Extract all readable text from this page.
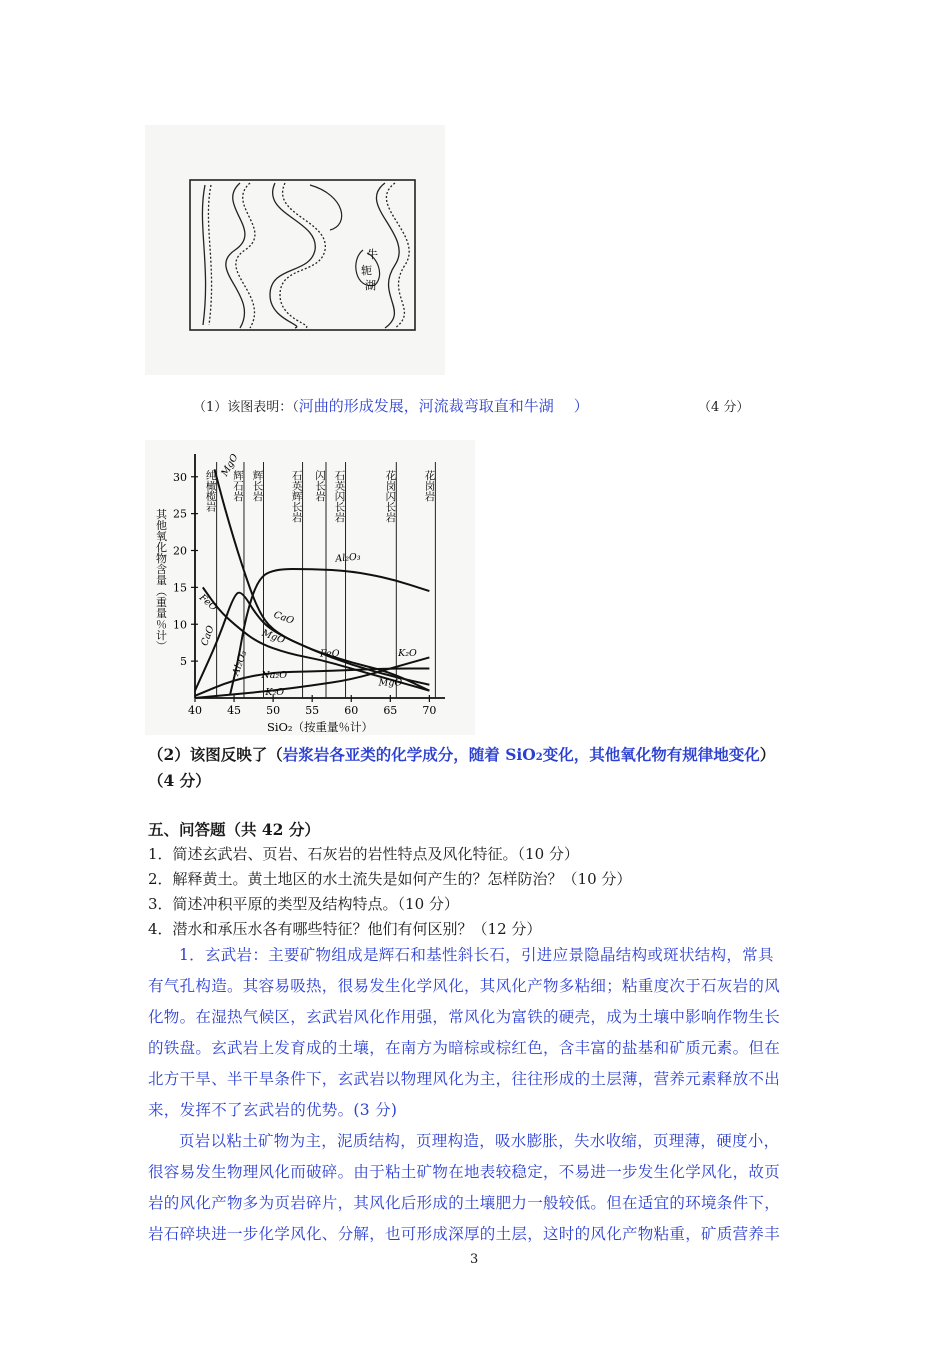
牛
轭
湖
（1）该图表明：（河曲的形成发展，河流裁弯取直和牛湖 ）	（4 分）
5
10
15
20
25
30
40 45 50 55 60 65 70
SiO₂（按重量％计）
其他氧化物含量（重量％计）
纯橄榄岩 辉石岩 辉长岩	石英辉长岩 闪长岩 石英闪长岩	花岗闪长岩	花岗岩
MgO
Al₂O₃
FeO
CaO	MgO
Al₂O₃	FeO	K₂O
Na₂O
CaO
K₂O
MgO
（2）该图反映了（岩浆岩各亚类的化学成分，随着 SiO2变化，其他氧化物有规律地变化）
（4 分）
五、问答题（共 42 分）
1．简述玄武岩、页岩、石灰岩的岩性特点及风化特征。（10 分）
2．解释黄土。黄土地区的水土流失是如何产生的？怎样防治？（10 分）
3．简述冲积平原的类型及结构特点。（10 分）
4．潜水和承压水各有哪些特征？他们有何区别？（12 分）
1．玄武岩：主要矿物组成是辉石和基性斜长石，引进应景隐晶结构或斑状结构，常具
有气孔构造。其容易吸热，很易发生化学风化，其风化产物多粘细；粘重度次于石灰岩的风
化物。在湿热气候区，玄武岩风化作用强，常风化为富铁的硬壳，成为土壤中影响作物生长
的铁盘。玄武岩上发育成的土壤，在南方为暗棕或棕红色，含丰富的盐基和矿质元素。但在
北方干旱、半干旱条件下，玄武岩以物理风化为主，往往形成的土层薄，营养元素释放不出
来，发挥不了玄武岩的优势。(3 分)
页岩以粘土矿物为主，泥质结构，页理构造，吸水膨胀，失水收缩，页理薄，硬度小，
很容易发生物理风化而破碎。由于粘土矿物在地表较稳定，不易进一步发生化学风化，故页
岩的风化产物多为页岩碎片，其风化后形成的土壤肥力一般较低。但在适宜的环境条件下，
岩石碎块进一步化学风化、分解，也可形成深厚的土层，这时的风化产物粘重，矿质营养丰
3
